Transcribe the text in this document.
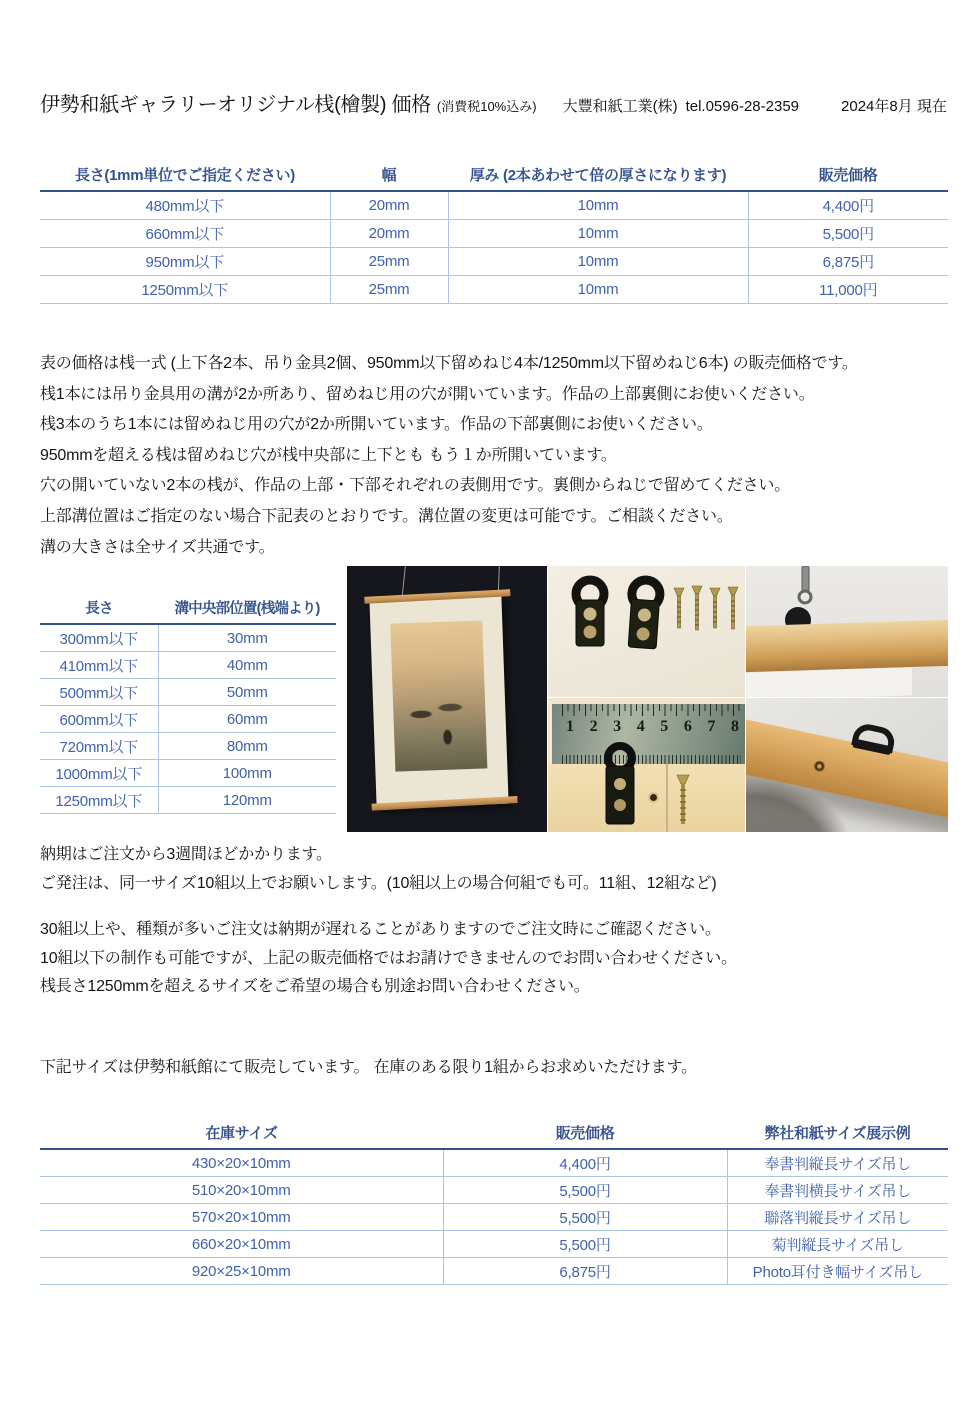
伊勢和紙ギャラリーオリジナル桟(檜製) 価格 (消費税10%込み) 大豐和紙工業(株) tel.0596-28-2359	2024年8月 現在
長さ(1mm単位でご指定ください)	幅	厚み (2本あわせて倍の厚さになります)	販売価格
480mm以下	20mm	10mm	4,400円
660mm以下	20mm	10mm	5,500円
950mm以下	25mm	10mm	6,875円
1250mm以下	25mm	10mm	11,000円
表の価格は桟一式 (上下各2本、吊り金具2個、950mm以下留めねじ4本/1250mm以下留めねじ6本) の販売価格です。
桟1本には吊り金具用の溝が2か所あり、留めねじ用の穴が開いています。作品の上部裏側にお使いください。
桟3本のうち1本には留めねじ用の穴が2か所開いています。作品の下部裏側にお使いください。
950mmを超える桟は留めねじ穴が桟中央部に上下とも もう１か所開いています。
穴の開いていない2本の桟が、作品の上部・下部それぞれの表側用です。裏側からねじで留めてください。
上部溝位置はご指定のない場合下記表のとおりです。溝位置の変更は可能です。ご相談ください。
溝の大きさは全サイズ共通です。
長さ	溝中央部位置(桟端より)
300mm以下	30mm
410mm以下	40mm
500mm以下	50mm
600mm以下	60mm
720mm以下	80mm
1000mm以下	100mm
1250mm以下	120mm
1 2 3 4 5 6 7 8
納期はご注文から3週間ほどかかります。
ご発注は、同一サイズ10組以上でお願いします。(10組以上の場合何組でも可。11組、12組など)
30組以上や、種類が多いご注文は納期が遅れることがありますのでご注文時にご確認ください。
10組以下の制作も可能ですが、上記の販売価格ではお請けできませんのでお問い合わせください。
桟長さ1250mmを超えるサイズをご希望の場合も別途お問い合わせください。
下記サイズは伊勢和紙館にて販売しています。 在庫のある限り1組からお求めいただけます。
在庫サイズ	販売価格	弊社和紙サイズ展示例
430×20×10mm	4,400円	奉書判縦長サイズ吊し
510×20×10mm	5,500円	奉書判横長サイズ吊し
570×20×10mm	5,500円	聯落判縦長サイズ吊し
660×20×10mm	5,500円	菊判縦長サイズ吊し
920×25×10mm	6,875円	Photo耳付き幅サイズ吊し
